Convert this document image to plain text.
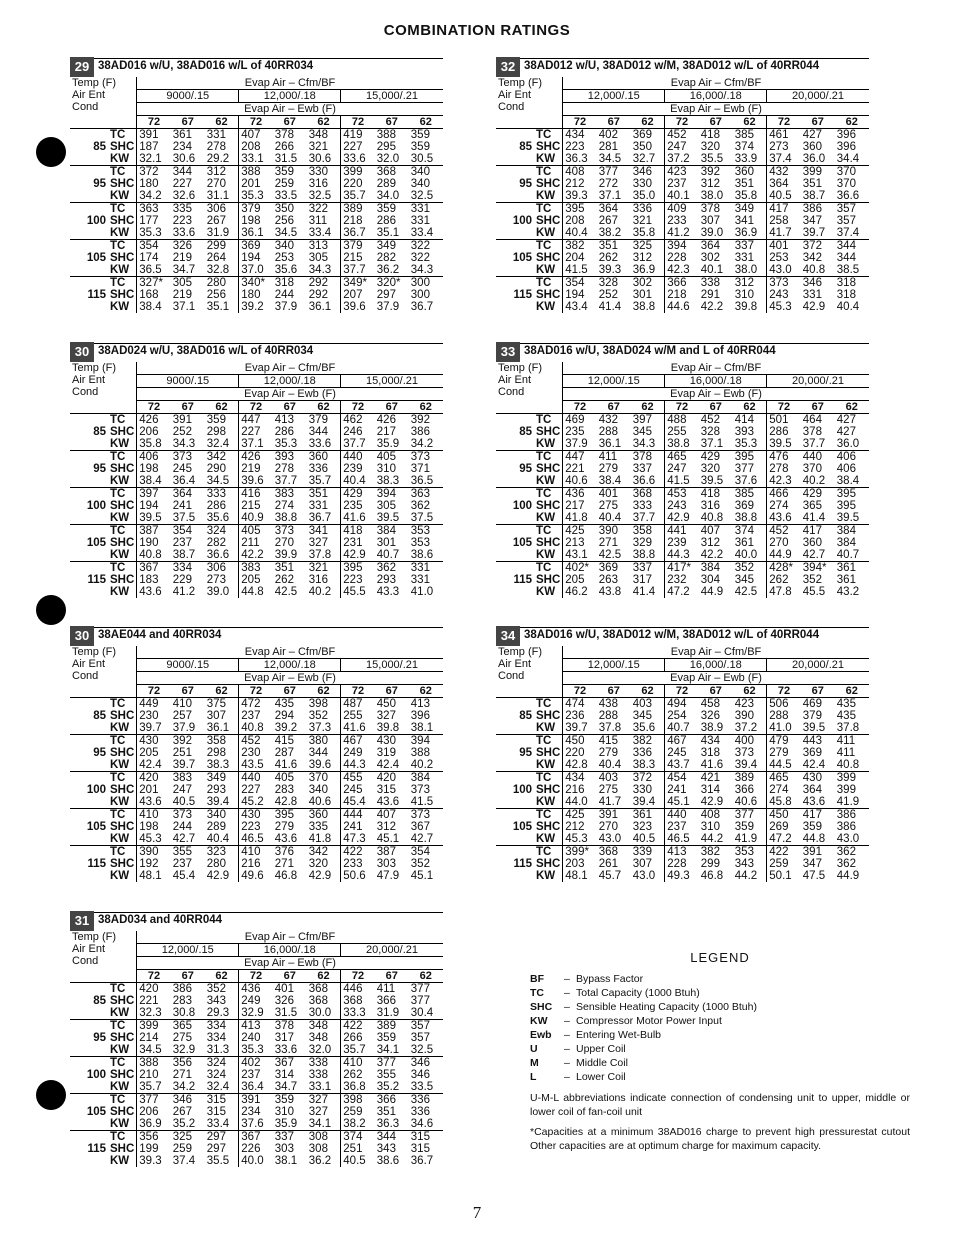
COMBINATION RATINGS
29 38AD016 w/U, 38AD016 w/L of 40RR034
Temp (F)
Air Ent
Cond		Evap Air – Cfm/BF								
		9000/.15			12,000/.18			15,000/.21		
		Evap Air – Ewb (F)								
		72	67	62	72	67	62	72	67	62
85	TC	391	361	331	407	378	348	419	388	359
	SHC	187	234	278	208	266	321	227	295	359
	KW	32.1	30.6	29.2	33.1	31.5	30.6	33.6	32.0	30.5
95	TC	372	344	312	388	359	330	399	368	340
	SHC	180	227	270	201	259	316	220	289	340
	KW	34.2	32.6	31.1	35.3	33.5	32.5	35.7	34.0	32.5
100	TC	363	335	306	379	350	322	389	359	331
	SHC	177	223	267	198	256	311	218	286	331
	KW	35.3	33.6	31.9	36.1	34.5	33.4	36.7	35.1	33.4
105	TC	354	326	299	369	340	313	379	349	322
	SHC	174	219	264	194	253	305	215	282	322
	KW	36.5	34.7	32.8	37.0	35.6	34.3	37.7	36.2	34.3
115	TC	327*	305	280	340*	318	292	349*	320*	300
	SHC	168	219	256	180	244	292	207	297	300
	KW	38.4	37.1	35.1	39.2	37.9	36.1	39.6	37.9	36.7
32 38AD012 w/U, 38AD012 w/M, 38AD012 w/L of 40RR044
Temp (F)
Air Ent
Cond		Evap Air – Cfm/BF								
		12,000/.15			16,000/.18			20,000/.21		
		Evap Air – Ewb (F)								
		72	67	62	72	67	62	72	67	62
85	TC	434	402	369	452	418	385	461	427	396
	SHC	223	281	350	247	320	374	273	360	396
	KW	36.3	34.5	32.7	37.2	35.5	33.9	37.4	36.0	34.4
95	TC	408	377	346	423	392	360	432	399	370
	SHC	212	272	330	237	312	351	364	351	370
	KW	39.3	37.1	35.0	40.1	38.0	35.8	40.5	38.7	36.6
100	TC	395	364	336	409	378	349	417	386	357
	SHC	208	267	321	233	307	341	258	347	357
	KW	40.4	38.2	35.8	41.2	39.0	36.9	41.7	39.7	37.4
105	TC	382	351	325	394	364	337	401	372	344
	SHC	204	262	312	228	302	331	253	342	344
	KW	41.5	39.3	36.9	42.3	40.1	38.0	43.0	40.8	38.5
115	TC	354	328	302	366	338	312	373	346	318
	SHC	194	252	301	218	291	310	243	331	318
	KW	43.4	41.4	38.8	44.6	42.2	39.8	45.3	42.9	40.4
30 38AD024 w/U, 38AD016 w/L of 40RR034
Temp (F)
Air Ent
Cond		Evap Air – Cfm/BF								
		9000/.15			12,000/.18			15,000/.21		
		Evap Air – Ewb (F)								
		72	67	62	72	67	62	72	67	62
85	TC	426	391	359	447	413	379	462	426	392
	SHC	206	252	298	227	286	344	246	217	386
	KW	35.8	34.3	32.4	37.1	35.3	33.6	37.7	35.9	34.2
95	TC	406	373	342	426	393	360	440	405	373
	SHC	198	245	290	219	278	336	239	310	371
	KW	38.4	36.4	34.5	39.6	37.7	35.7	40.4	38.3	36.5
100	TC	397	364	333	416	383	351	429	394	363
	SHC	194	241	286	215	274	331	235	305	362
	KW	39.5	37.5	35.6	40.9	38.8	36.7	41.6	39.5	37.5
105	TC	387	354	324	405	373	341	418	384	353
	SHC	190	237	282	211	270	327	231	301	353
	KW	40.8	38.7	36.6	42.2	39.9	37.8	42.9	40.7	38.6
115	TC	367	334	306	383	351	321	395	362	331
	SHC	183	229	273	205	262	316	223	293	331
	KW	43.6	41.2	39.0	44.8	42.5	40.2	45.5	43.3	41.0
33 38AD016 w/U, 38AD024 w/M and L of 40RR044
Temp (F)
Air Ent
Cond		Evap Air – Cfm/BF								
		12,000/.15			16,000/.18			20,000/.21		
		Evap Air – Ewb (F)								
		72	67	62	72	67	62	72	67	62
85	TC	469	432	397	488	452	414	501	464	427
	SHC	235	288	345	255	328	393	286	378	427
	KW	37.9	36.1	34.3	38.8	37.1	35.3	39.5	37.7	36.0
95	TC	447	411	378	465	429	395	476	440	406
	SHC	221	279	337	247	320	377	278	370	406
	KW	40.6	38.4	36.6	41.5	39.5	37.6	42.3	40.2	38.4
100	TC	436	401	368	453	418	385	466	429	395
	SHC	217	275	333	243	316	369	274	365	395
	KW	41.8	40.4	37.7	42.9	40.8	38.8	43.6	41.4	39.5
105	TC	425	390	358	441	407	374	452	417	384
	SHC	213	271	329	239	312	361	270	360	384
	KW	43.1	42.5	38.8	44.3	42.2	40.0	44.9	42.7	40.7
115	TC	402*	369	337	417*	384	352	428*	394*	361
	SHC	205	263	317	232	304	345	262	352	361
	KW	46.2	43.8	41.4	47.2	44.9	42.5	47.8	45.5	43.2
30 38AE044 and 40RR034
Temp (F)
Air Ent
Cond		Evap Air – Cfm/BF								
		9000/.15			12,000/.18			15,000/.21		
		Evap Air – Ewb (F)								
		72	67	62	72	67	62	72	67	62
85	TC	449	410	375	472	435	398	487	450	413
	SHC	230	257	307	237	294	352	255	327	396
	KW	39.7	37.9	36.1	40.8	39.2	37.3	41.6	39.8	38.1
95	TC	430	392	358	452	415	380	467	430	394
	SHC	205	251	298	230	287	344	249	319	388
	KW	42.4	39.7	38.3	43.5	41.6	39.6	44.3	42.4	40.2
100	TC	420	383	349	440	405	370	455	420	384
	SHC	201	247	293	227	283	340	245	315	373
	KW	43.6	40.5	39.4	45.2	42.8	40.6	45.4	43.6	41.5
105	TC	410	373	340	430	395	360	444	407	373
	SHC	198	244	289	223	279	335	241	312	367
	KW	45.3	42.7	40.4	46.5	43.6	41.8	47.3	45.1	42.7
115	TC	390	355	323	410	376	342	422	387	354
	SHC	192	237	280	216	271	320	233	303	352
	KW	48.1	45.4	42.9	49.6	46.8	42.9	50.6	47.9	45.1
34 38AD016 w/U, 38AD012 w/M, 38AD012 w/L of 40RR044
Temp (F)
Air Ent
Cond		Evap Air – Cfm/BF								
		12,000/.15			16,000/.18			20,000/.21		
		Evap Air – Ewb (F)								
		72	67	62	72	67	62	72	67	62
85	TC	474	438	403	494	458	423	506	469	435
	SHC	236	288	345	254	326	390	288	379	435
	KW	39.7	37.8	35.6	40.7	38.9	37.2	41.0	39.5	37.8
95	TC	450	415	382	467	434	400	479	443	411
	SHC	220	279	336	245	318	373	279	369	411
	KW	42.8	40.4	38.3	43.7	41.6	39.4	44.5	42.4	40.8
100	TC	434	403	372	454	421	389	465	430	399
	SHC	216	275	330	241	314	366	274	364	399
	KW	44.0	41.7	39.4	45.1	42.9	40.6	45.8	43.6	41.9
105	TC	425	391	361	440	408	377	450	417	386
	SHC	212	270	323	237	310	359	269	359	386
	KW	45.3	43.0	40.5	46.5	44.2	41.9	47.2	44.8	43.0
115	TC	399*	368	339	413	382	353	422	391	362
	SHC	203	261	307	228	299	343	259	347	362
	KW	48.1	45.7	43.0	49.3	46.8	44.2	50.1	47.5	44.9
31 38AD034 and 40RR044
Temp (F)
Air Ent
Cond		Evap Air – Cfm/BF								
		12,000/.15			16,000/.18			20,000/.21		
		Evap Air – Ewb (F)								
		72	67	62	72	67	62	72	67	62
85	TC	420	386	352	436	401	368	446	411	377
	SHC	221	283	343	249	326	368	368	366	377
	KW	32.3	30.8	29.3	32.9	31.5	30.0	33.3	31.9	30.4
95	TC	399	365	334	413	378	348	422	389	357
	SHC	214	275	334	240	317	348	266	359	357
	KW	34.5	32.9	31.3	35.3	33.6	32.0	35.7	34.1	32.5
100	TC	388	356	324	402	367	338	410	377	346
	SHC	210	271	324	237	314	338	262	355	346
	KW	35.7	34.2	32.4	36.4	34.7	33.1	36.8	35.2	33.5
105	TC	377	346	315	391	359	327	398	366	336
	SHC	206	267	315	234	310	327	259	351	336
	KW	36.9	35.2	33.4	37.6	35.9	34.1	38.2	36.3	34.6
115	TC	356	325	297	367	337	308	374	344	315
	SHC	199	259	297	226	303	308	251	343	315
	KW	39.3	37.4	35.5	40.0	38.1	36.2	40.5	38.6	36.7
LEGEND
BF	– Bypass Factor
TC	– Total Capacity (1000 Btuh)
SHC	– Sensible Heating Capacity (1000 Btuh)
KW	– Compressor Motor Power Input
Ewb	– Entering Wet-Bulb
U	– Upper Coil
M	– Middle Coil
L	– Lower Coil

U-M-L abbreviations indicate connection of condensing unit to upper, middle or lower coil of fan-coil unit

*Capacities at a minimum 38AD016 charge to prevent high pressurestat cutout Other capacities are at optimum charge for maximum capacity.

7
